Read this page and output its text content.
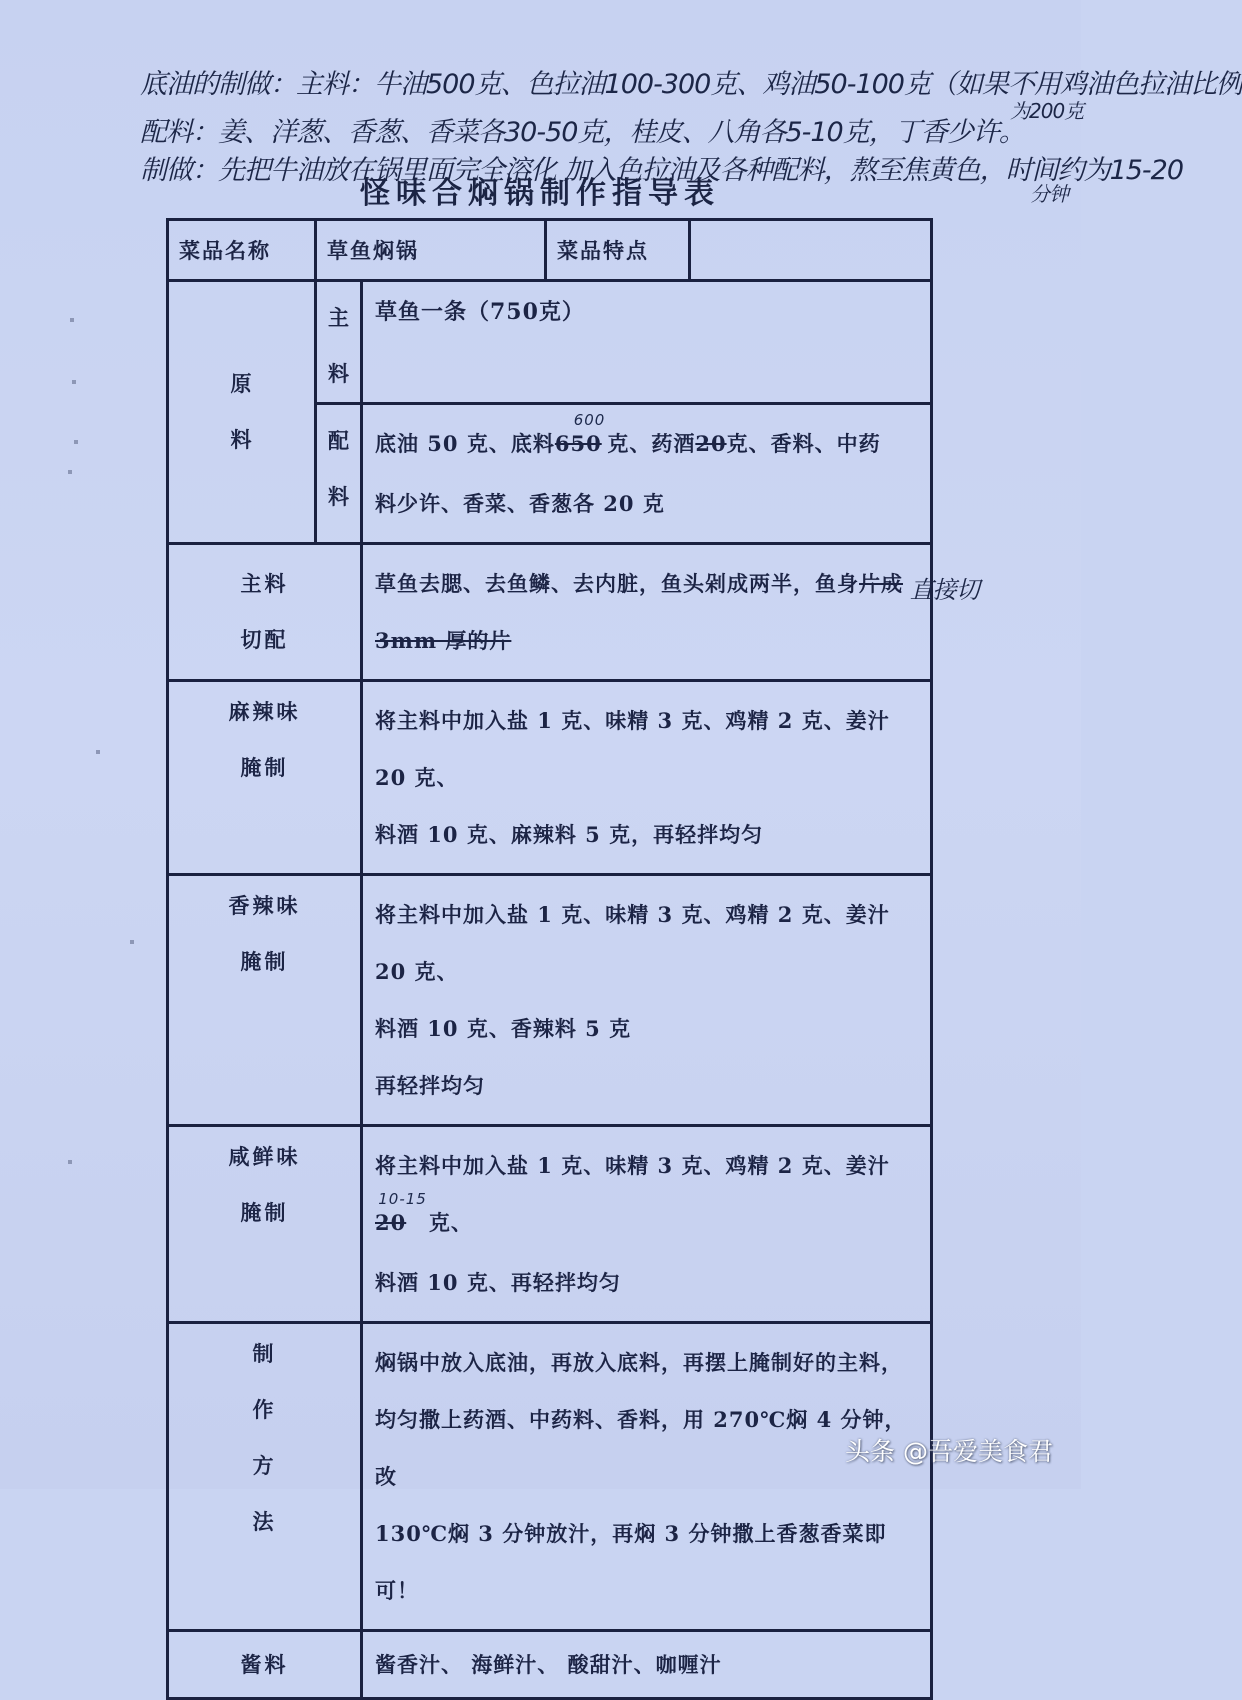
底油的制做：主料：牛油500克、色拉油100-300克、鸡油50-100克（如果不用鸡油色拉油比例
为200克
配料：姜、洋葱、香葱、香菜各30-50克，桂皮、八角各5-10克，丁香少许。
制做：先把牛油放在锅里面完全溶化 加入色拉油及各种配料，熬至焦黄色，时间约为15-20
分钟
怪味合焖锅制作指导表
菜品名称	草鱼焖锅		菜品特点	
原料	主料	草鱼一条（750克）		
	配料	底油 50 克、底料$650^{600}$克、药酒20克、香料、中药
料少许、香菜、香葱各 20 克		
主料切配		草鱼去腮、去鱼鳞、去内脏，鱼头剁成两半，鱼身片成
3mm 厚的片 直接切		
麻辣味腌制		将主料中加入盐 1 克、味精 3 克、鸡精 2 克、姜汁 20 克、
料酒 10 克、麻辣料 5 克，再轻拌均匀		

香辣味腌制		将主料中加入盐 1 克、味精 3 克、鸡精 2 克、姜汁 20 克、
料酒 10 克、香辣料 5 克
再轻拌均匀		

咸鲜味腌制		将主料中加入盐 1 克、味精 3 克、鸡精 2 克、姜汁20$^{10-15}$克、
料酒 10 克、再轻拌均匀		

制作方法		焖锅中放入底油，再放入底料，再摆上腌制好的主料，
均匀撒上药酒、中药料、香料，用 270℃焖 4 分钟，改
130℃焖 3 分钟放汁，再焖 3 分钟撒上香葱香菜即可！		

酱料		酱香汁、 海鲜汁、 酸甜汁、咖喱汁		
头条 @吾爱美食君
